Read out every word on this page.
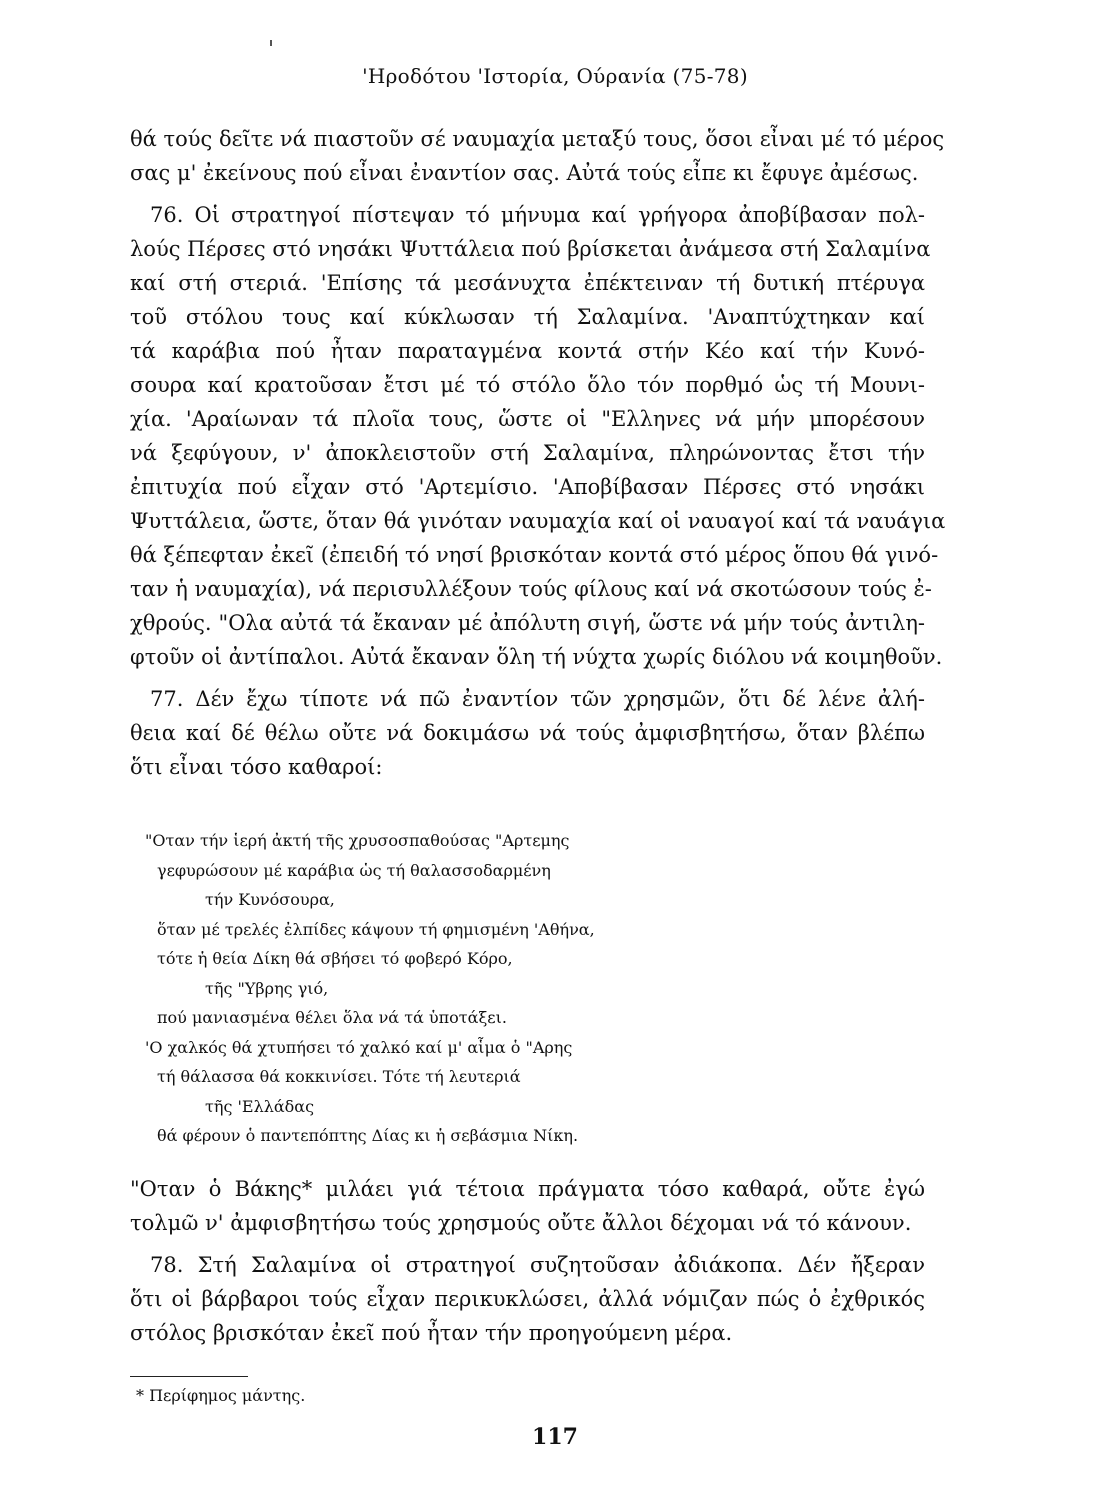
'Ηροδότου 'Ιστορία, Ούρανία (75-78)
θά τούς δεῖτε νά πιαστοῦν σέ ναυμαχία μεταξύ τους, ὅσοι εἶναι μέ τό μέρος
σας μ' ἐκείνους πού εἶναι ἐναντίον σας. Αὐτά τούς εἶπε κι ἔφυγε ἀμέσως.
76. Οἱ στρατηγοί πίστεψαν τό μήνυμα καί γρήγορα ἀποβίβασαν πολ-
λούς Πέρσες στό νησάκι Ψυττάλεια πού βρίσκεται ἀνάμεσα στή Σαλαμίνα
καί στή στεριά. 'Επίσης τά μεσάνυχτα ἐπέκτειναν τή δυτική πτέρυγα
τοῦ στόλου τους καί κύκλωσαν τή Σαλαμίνα. 'Αναπτύχτηκαν καί
τά καράβια πού ἦταν παραταγμένα κοντά στήν Κέο καί τήν Κυνό-
σουρα καί κρατοῦσαν ἔτσι μέ τό στόλο ὅλο τόν πορθμό ὡς τή Μουνι-
χία. 'Αραίωναν τά πλοῖα τους, ὥστε οἱ "Ελληνες νά μήν μπορέσουν
νά ξεφύγουν, ν' ἀποκλειστοῦν στή Σαλαμίνα, πληρώνοντας ἔτσι τήν
ἐπιτυχία πού εἶχαν στό 'Αρτεμίσιο. 'Αποβίβασαν Πέρσες στό νησάκι
Ψυττάλεια, ὥστε, ὅταν θά γινόταν ναυμαχία καί οἱ ναυαγοί καί τά ναυάγια
θά ξέπεφταν ἐκεῖ (ἐπειδή τό νησί βρισκόταν κοντά στό μέρος ὅπου θά γινό-
ταν ἡ ναυμαχία), νά περισυλλέξουν τούς φίλους καί νά σκοτώσουν τούς ἐ-
χθρούς. "Ολα αὐτά τά ἔκαναν μέ ἀπόλυτη σιγή, ὥστε νά μήν τούς ἀντιλη-
φτοῦν οἱ ἀντίπαλοι. Αὐτά ἔκαναν ὅλη τή νύχτα χωρίς διόλου νά κοιμηθοῦν.
77. Δέν ἔχω τίποτε νά πῶ ἐναντίον τῶν χρησμῶν, ὅτι δέ λένε ἀλή-
θεια καί δέ θέλω οὔτε νά δοκιμάσω νά τούς ἀμφισβητήσω, ὅταν βλέπω
ὅτι εἶναι τόσο καθαροί:
"Οταν τήν ἱερή ἀκτή τῆς χρυσοσπαθούσας "Αρτεμης
γεφυρώσουν μέ καράβια ὡς τή θαλασσοδαρμένη
τήν Κυνόσουρα,
ὅταν μέ τρελές ἐλπίδες κάψουν τή φημισμένη 'Αθήνα,
τότε ἡ θεία Δίκη θά σβήσει τό φοβερό Κόρο,
τῆς "Υβρης γιό,
πού μανιασμένα θέλει ὅλα νά τά ὑποτάξει.
'Ο χαλκός θά χτυπήσει τό χαλκό καί μ' αἷμα ὁ "Αρης
τή θάλασσα θά κοκκινίσει. Τότε τή λευτεριά
τῆς 'Ελλάδας
θά φέρουν ὁ παντεπόπτης Δίας κι ἡ σεβάσμια Νίκη.
"Οταν ὁ Βάκης* μιλάει γιά τέτοια πράγματα τόσο καθαρά, οὔτε ἐγώ
τολμῶ ν' ἀμφισβητήσω τούς χρησμούς οὔτε ἄλλοι δέχομαι νά τό κάνουν.
78. Στή Σαλαμίνα οἱ στρατηγοί συζητοῦσαν ἀδιάκοπα. Δέν ἤξεραν
ὅτι οἱ βάρβαροι τούς εἶχαν περικυκλώσει, ἀλλά νόμιζαν πώς ὁ ἐχθρικός
στόλος βρισκόταν ἐκεῖ πού ἦταν τήν προηγούμενη μέρα.
* Περίφημος μάντης.
117
